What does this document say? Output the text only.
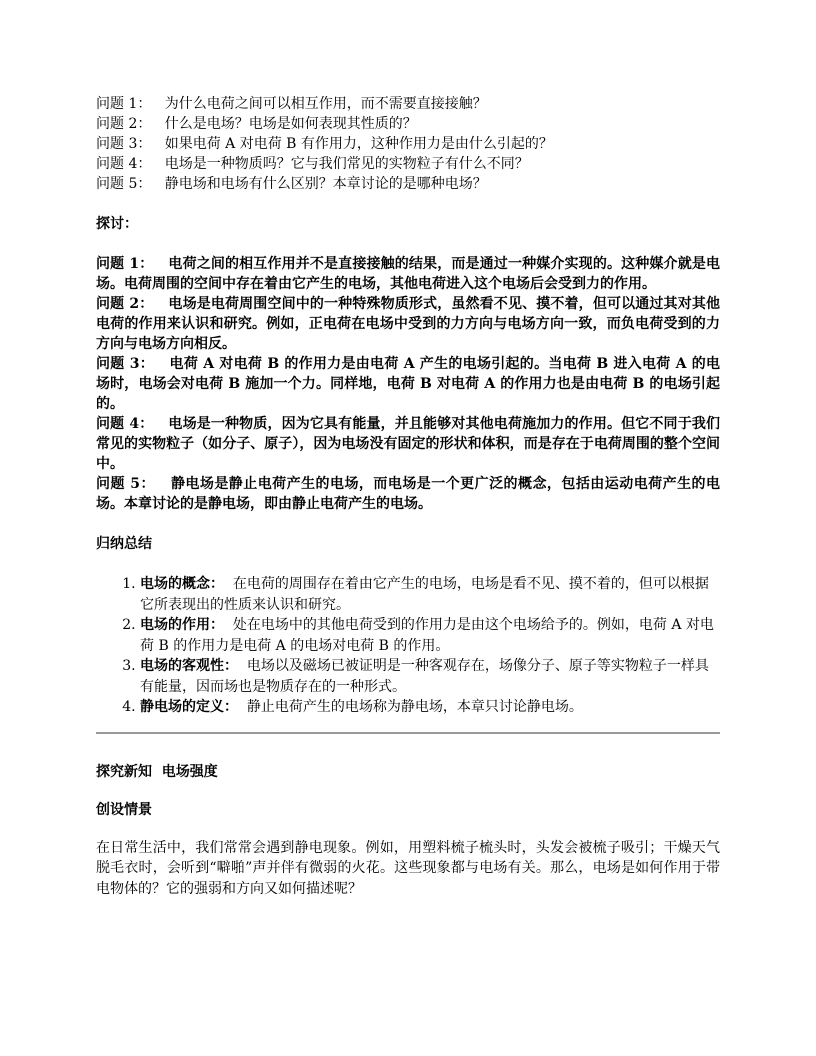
问题 1： 为什么电荷之间可以相互作用，而不需要直接接触？
问题 2： 什么是电场？电场是如何表现其性质的？
问题 3： 如果电荷 A 对电荷 B 有作用力，这种作用力是由什么引起的？
问题 4： 电场是一种物质吗？它与我们常见的实物粒子有什么不同？
问题 5： 静电场和电场有什么区别？本章讨论的是哪种电场？
探讨：
问题 1： 电荷之间的相互作用并不是直接接触的结果，而是通过一种媒介实现的。这种媒介就是电场。电荷周围的空间中存在着由它产生的电场，其他电荷进入这个电场后会受到力的作用。
问题 2： 电场是电荷周围空间中的一种特殊物质形式，虽然看不见、摸不着，但可以通过其对其他电荷的作用来认识和研究。例如，正电荷在电场中受到的力方向与电场方向一致，而负电荷受到的力方向与电场方向相反。
问题 3： 电荷 A 对电荷 B 的作用力是由电荷 A 产生的电场引起的。当电荷 B 进入电荷 A 的电场时，电场会对电荷 B 施加一个力。同样地，电荷 B 对电荷 A 的作用力也是由电荷 B 的电场引起的。
问题 4： 电场是一种物质，因为它具有能量，并且能够对其他电荷施加力的作用。但它不同于我们常见的实物粒子（如分子、原子），因为电场没有固定的形状和体积，而是存在于电荷周围的整个空间中。
问题 5： 静电场是静止电荷产生的电场，而电场是一个更广泛的概念，包括由运动电荷产生的电场。本章讨论的是静电场，即由静止电荷产生的电场。
归纳总结
1. 电场的概念： 在电荷的周围存在着由它产生的电场，电场是看不见、摸不着的，但可以根据它所表现出的性质来认识和研究。
2. 电场的作用： 处在电场中的其他电荷受到的作用力是由这个电场给予的。例如，电荷 A 对电荷 B 的作用力是电荷 A 的电场对电荷 B 的作用。
3. 电场的客观性： 电场以及磁场已被证明是一种客观存在，场像分子、原子等实物粒子一样具有能量，因而场也是物质存在的一种形式。
4. 静电场的定义： 静止电荷产生的电场称为静电场，本章只讨论静电场。
探究新知  电场强度
创设情景
在日常生活中，我们常常会遇到静电现象。例如，用塑料梳子梳头时，头发会被梳子吸引；干燥天气脱毛衣时，会听到“噼啪”声并伴有微弱的火花。这些现象都与电场有关。那么，电场是如何作用于带电物体的？它的强弱和方向又如何描述呢？
